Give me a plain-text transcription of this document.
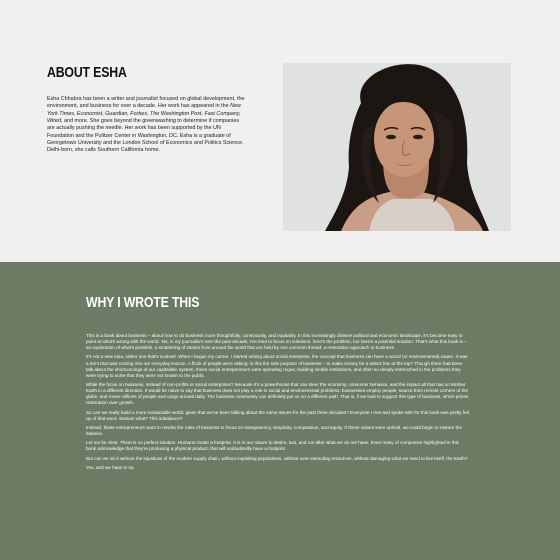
ABOUT ESHA

Esha Chhabra has been a writer and journalist focused on global development, the environment, and business for over a decade. Her work has appeared in the New York Times, Economist, Guardian, Forbes, The Washington Post, Fast Company, Wired, and more. She goes beyond the greenwashing to determine if companies are actually pushing the needle. Her work has been supported by the UN Foundation and the Pulitzer Center in Washington, DC. Esha is a graduate of Georgetown University and the London School of Economics and Politics Science. Delhi-born, she calls Southern California home.

WHY I WROTE THIS

This is a book about business – about how to do business more thoughtfully, consciously, and equitably. In this increasingly divisive political and economic landscape, it's become easy to point at what's wrong with the world. Yet, in my journalism over the past decade, I've tried to focus on solutions: here's the problem, but here's a potential solution. That's what this book is – an exploration of what's possible, a smattering of stories from around the world that are held by one common thread: a restorative approach to business.

It's not a new idea, rather one that's evolved. When I began my career, I started writing about social enterprise, the concept that business can have a social (or environmental) cause. It was a term that was coming into our everyday lexicon. A flock of people were asking: is this the sole purpose of business – to make money for a select few at the top? Though there had been talk about the shortcomings of our capitalistic system, these social entrepreneurs were operating rogue, building nimble institutions, and often so deeply entrenched in the problems they were trying to solve that they were not known to the public.

While the focus on business, instead of non-profits or social enterprises? Because it's a powerhouse that can steer the economy, consumer behavior, and the impact all that has on Mother Earth in a different direction. It would be naive to say that business does not play a role in social and environmental problems: businesses employ people, source from remote corners of the globe, and move millions of people and cargo around daily. The business community can definitely put us on a different path. That is, if we look to support this type of business, which prizes restoration over growth.

So can we really build a more sustainable world, given that we've been talking about the same issues for the past three decades? Everyone I met and spoke with for this book was pretty fed up of that word. Sustain what? This imbalance?

Instead, these entrepreneurs want to rewrite the rules of business to focus on transparency, simplicity, compassion, and equity. If these values were upheld, we could begin to restore the balance.

Let me be clear. There is no perfect solution. Humans create a footprint. It is in our nature to desire, lust, and run after what we do not have. Even many of companies highlighted in this book acknowledge that they're producing a physical product, that will undoubtedly have a footprint.

But can we do it without the injustices of the modern supply chain, without exploiting populations, without over-extracting resources, without damaging what we need to live itself, the Earth?

Yes, and we have to try.
